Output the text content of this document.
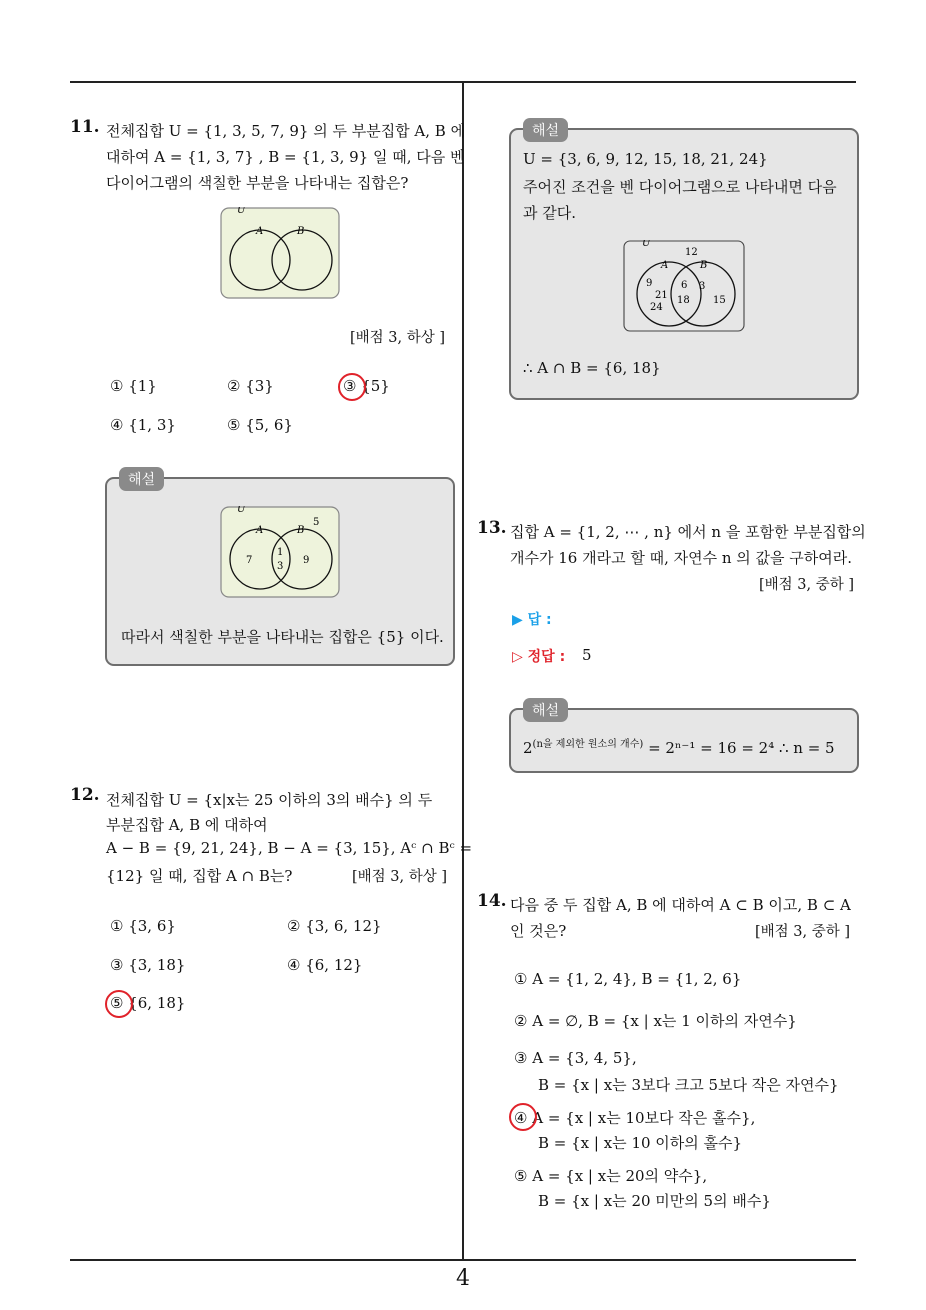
4
11. 전체집합 U = {1, 3, 5, 7, 9} 의 두 부분집합 A, B 에
대하여 A = {1, 3, 7} , B = {1, 3, 9} 일 때, 다음 벤
다이어그램의 색칠한 부분을 나타내는 집합은?
U
A	B
[배점 3, 하상 ]
① {1}	② {3}	③ {5}
④ {1, 3}	⑤ {5, 6}
해설
U
A	B
5
7
1
3
9
따라서 색칠한 부분을 나타내는 집합은 {5} 이다.
12. 전체집합 U = {x|x는 25 이하의 3의 배수} 의 두
부분집합 A, B 에 대하여
A − B = {9, 21, 24}, B − A = {3, 15}, Aᶜ ∩ Bᶜ =
{12} 일 때, 집합 A ∩ B는?	[배점 3, 하상 ]
① {3, 6}	② {3, 6, 12}
③ {3, 18}	④ {6, 12}
⑤ {6, 18}
해설
U = {3, 6, 9, 12, 15, 18, 21, 24}
주어진 조건을 벤 다이어그램으로 나타내면 다음
과 같다.
U
A	B
12
9
21
24
6
18
3
15
∴ A ∩ B = {6, 18}
13. 집합 A = {1, 2, ⋯ , n} 에서 n 을 포함한 부분집합의
개수가 16 개라고 할 때, 자연수 n 의 값을 구하여라.
[배점 3, 중하 ]
▶ 답 :
▷ 정답 : 5
해설
$2^{(n을 제외한 원소의 개수)} = 2^{n-1} = 16 = 2^4$ ∴ n = 5
14. 다음 중 두 집합 A, B 에 대하여 A ⊂ B 이고, B ⊂ A
인 것은?	[배점 3, 중하 ]
① A = {1, 2, 4}, B = {1, 2, 6}
② A = ∅, B = {x | x는 1 이하의 자연수}
③ A = {3, 4, 5},
B = {x | x는 3보다 크고 5보다 작은 자연수}
④ A = {x | x는 10보다 작은 홀수},
B = {x | x는 10 이하의 홀수}
⑤ A = {x | x는 20의 약수},
B = {x | x는 20 미만의 5의 배수}
